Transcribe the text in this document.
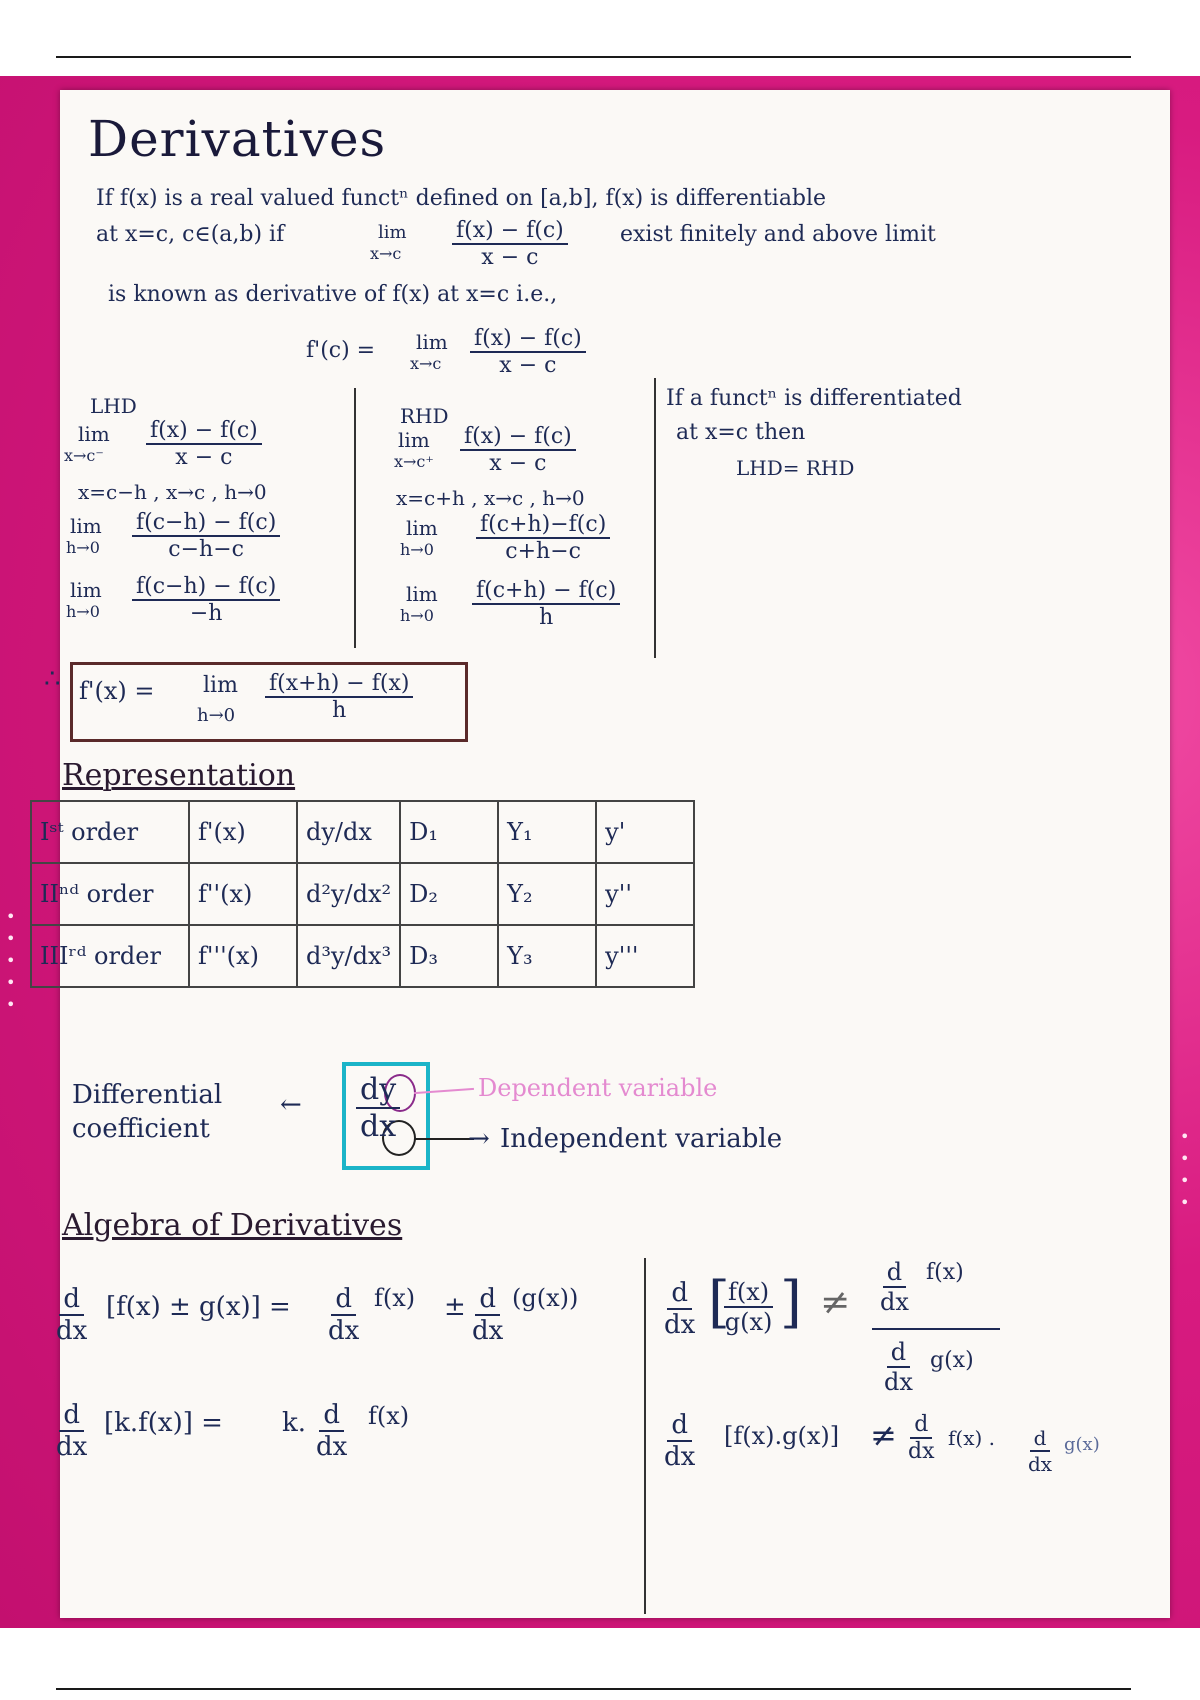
•
•
•
•
•
•
•
•
•
Derivatives
If f(x) is a real valued functⁿ defined on [a,b], f(x) is differentiable
at x=c, c∈(a,b) if	lim
$x\to c \frac{f(x) - f(c)}{x - c}$ exist finitely and above limit
is known as derivative of f(x) at x=c i.e.,
f'(c) = lim
$x\to c \frac{f(x) - f(c)}{x - c}$
LHD
lim
$x\to c^- \frac{f(x) - f(c)}{x - c}$
x=c−h , x→c , h→0
lim
$h\to 0 \frac{f(c-h) - f(c)}{c-h-c}$
lim
$h\to 0 \frac{f(c-h) - f(c)}{-h}$
RHD
lim
$x\to c^+ \frac{f(x) - f(c)}{x - c}$
x=c+h , x→c , h→0
lim
$h\to 0 \frac{f(c+h)-f(c)}{c+h-c}$
lim
$h\to 0 \frac{f(c+h) - f(c)}{h}$
If a functⁿ is differentiated
at x=c then
LHD= RHD
∴ f'(x) = lim
$h\to 0 \frac{f(x+h) - f(x)}{h}$
Representation
Iˢᵗ order	f'(x)	dy/dx	D₁	Y₁	y'
IIⁿᵈ order	f''(x)	d²y/dx²	D₂	Y₂	y''
IIIʳᵈ order	f'''(x)	d³y/dx³	D₃	Y₃	y'''
Differential
coefficient
← $\frac{dy}{dx}$	Dependent variable
→ Independent variable
Algebra of Derivatives
$\frac{d}{dx} [f(x) \pm g(x)] = \frac{d}{dx} f(x) \pm \frac{d}{dx} (g(x))$
$\frac{d}{dx} [k.f(x)] = k$. $\frac{d}{dx} f(x)$
$\frac{d}{dx}$ [
$\frac{f(x)}{g(x)}$ ] ≠ $\frac{d}{dx} f(x)$
$\frac{d}{dx} g(x)$
$\frac{d}{dx} [f(x).g(x)] \ne \frac{d}{dx} f(x)$ . $\frac{d}{dx} g(x)$
